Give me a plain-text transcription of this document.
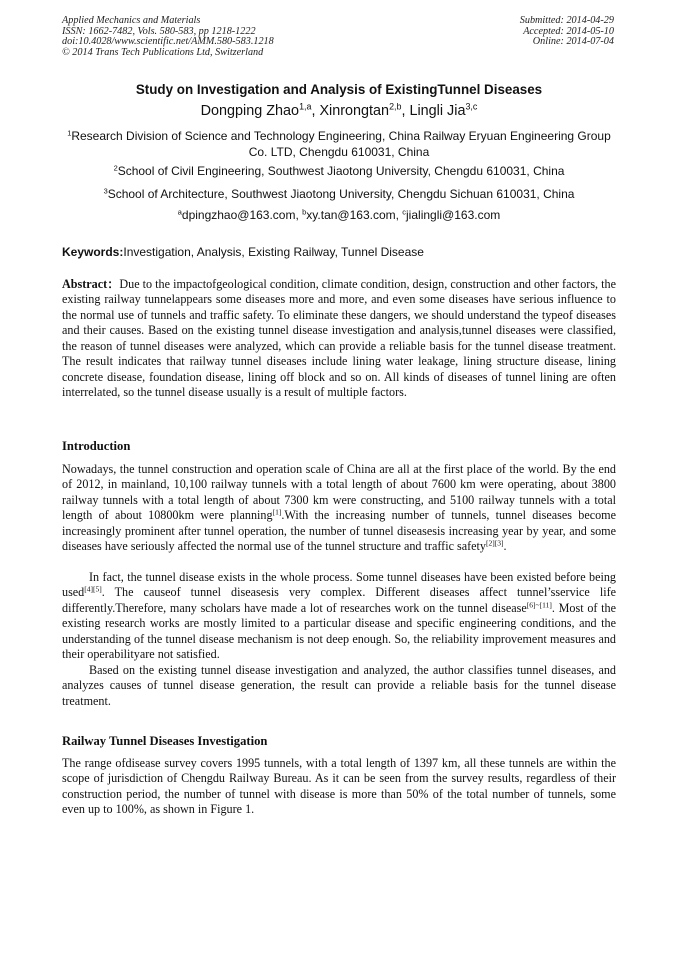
Applied Mechanics and Materials
ISSN: 1662-7482, Vols. 580-583, pp 1218-1222
doi:10.4028/www.scientific.net/AMM.580-583.1218
© 2014 Trans Tech Publications Ltd, Switzerland
Submitted: 2014-04-29
Accepted: 2014-05-10
Online: 2014-07-04
Study on Investigation and Analysis of ExistingTunnel Diseases
Dongping Zhao$^{1,a}$, Xinrongtan$^{2,b}$, Lingli Jia$^{3,c}$
$^1$Research Division of Science and Technology Engineering, China Railway Eryuan Engineering Group Co. LTD, Chengdu 610031, China
$^2$School of Civil Engineering, Southwest Jiaotong University, Chengdu 610031, China
$^3$School of Architecture, Southwest Jiaotong University, Chengdu Sichuan 610031, China
$^a$dpingzhao@163.com, $^b$xy.tan@163.com, $^c$jialingli@163.com
Keywords:Investigation, Analysis, Existing Railway, Tunnel Disease

Abstract：Due to the impactofgeological condition, climate condition, design, construction and other factors, the existing railway tunnelappears some diseases more and more, and even some diseases have serious influence to the normal use of tunnels and traffic safety. To eliminate these dangers, we should understand the typeof diseases and their causes. Based on the existing tunnel disease investigation and analysis,tunnel diseases were classified, the reason of tunnel diseases were analyzed, which can provide a reliable basis for the tunnel disease treatment. The result indicates that railway tunnel diseases include lining water leakage, lining structure disease, lining concrete disease, foundation disease, lining off block and so on. All kinds of diseases of tunnel lining are often interrelated, so the tunnel disease usually is a result of multiple factors.

Introduction

Nowadays, the tunnel construction and operation scale of China are all at the first place of the world. By the end of 2012, in mainland, 10,100 railway tunnels with a total length of about 7600 km were operating, about 3800 railway tunnels with a total length of about 7300 km were constructing, and 5100 railway tunnels with a total length of about 10800km were planning[1].With the increasing number of tunnels, tunnel diseases become increasingly prominent after tunnel operation, the number of tunnel diseasesis increasing year by year, and some diseases have seriously affected the normal use of the tunnel structure and traffic safety[2][3].

In fact, the tunnel disease exists in the whole process. Some tunnel diseases have been existed before being used[4][5]. The causeof tunnel diseasesis very complex. Different diseases affect tunnel’sservice life differently.Therefore, many scholars have made a lot of researches work on the tunnel disease[6]~[11]. Most of the existing research works are mostly limited to a particular disease and specific engineering conditions, and the understanding of the tunnel disease mechanism is not deep enough. So, the reliability improvement measures and their operabilityare not satisfied.

Based on the existing tunnel disease investigation and analyzed, the author classifies tunnel diseases, and analyzes causes of tunnel disease generation, the result can provide a reliable basis for the tunnel disease treatment.

Railway Tunnel Diseases Investigation

The range ofdisease survey covers 1995 tunnels, with a total length of 1397 km, all these tunnels are within the scope of jurisdiction of Chengdu Railway Bureau. As it can be seen from the survey results, regardless of their construction period, the number of tunnel with disease is more than 50% of the total number of tunnels, some even up to 100%, as shown in Figure 1.
